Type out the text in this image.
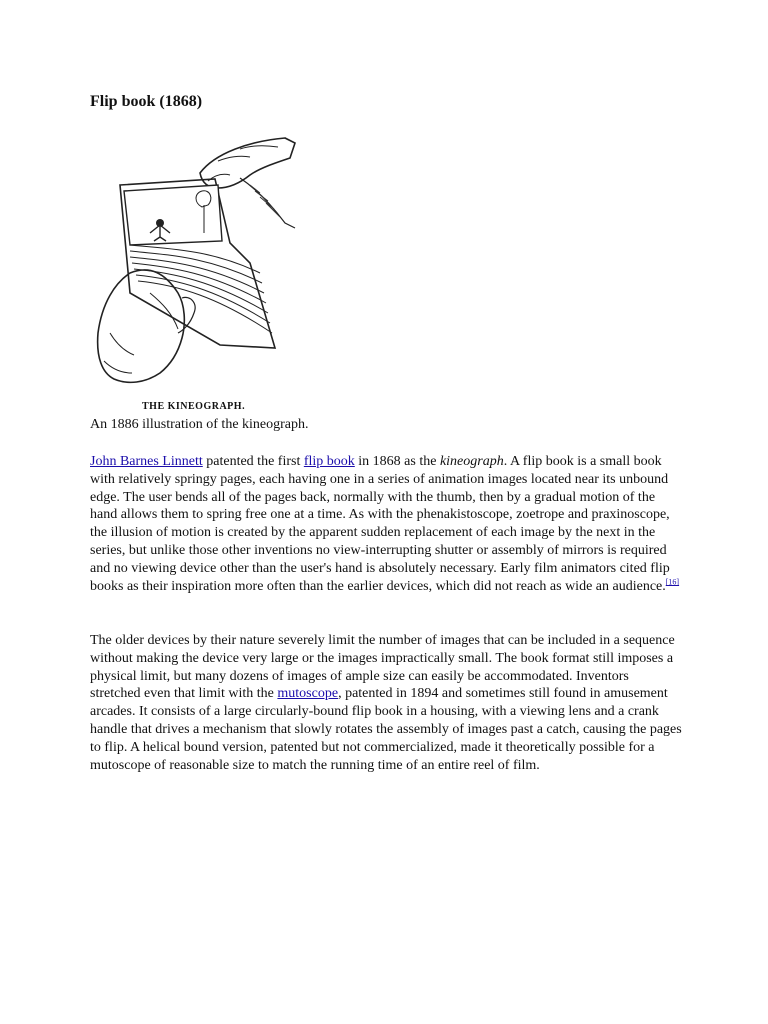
Flip book (1868)
THE KINEOGRAPH.

An 1886 illustration of the kineograph.

John Barnes Linnett patented the first flip book in 1868 as the kineograph. A flip book is a small book with relatively springy pages, each having one in a series of animation images located near its unbound edge. The user bends all of the pages back, normally with the thumb, then by a gradual motion of the hand allows them to spring free one at a time. As with the phenakistoscope, zoetrope and praxinoscope, the illusion of motion is created by the apparent sudden replacement of each image by the next in the series, but unlike those other inventions no view-interrupting shutter or assembly of mirrors is required and no viewing device other than the user's hand is absolutely necessary. Early film animators cited flip books as their inspiration more often than the earlier devices, which did not reach as wide an audience.[16]

The older devices by their nature severely limit the number of images that can be included in a sequence without making the device very large or the images impractically small. The book format still imposes a physical limit, but many dozens of images of ample size can easily be accommodated. Inventors stretched even that limit with the mutoscope, patented in 1894 and sometimes still found in amusement arcades. It consists of a large circularly-bound flip book in a housing, with a viewing lens and a crank handle that drives a mechanism that slowly rotates the assembly of images past a catch, causing the pages to flip. A helical bound version, patented but not commercialized, made it theoretically possible for a mutoscope of reasonable size to match the running time of an entire reel of film.
